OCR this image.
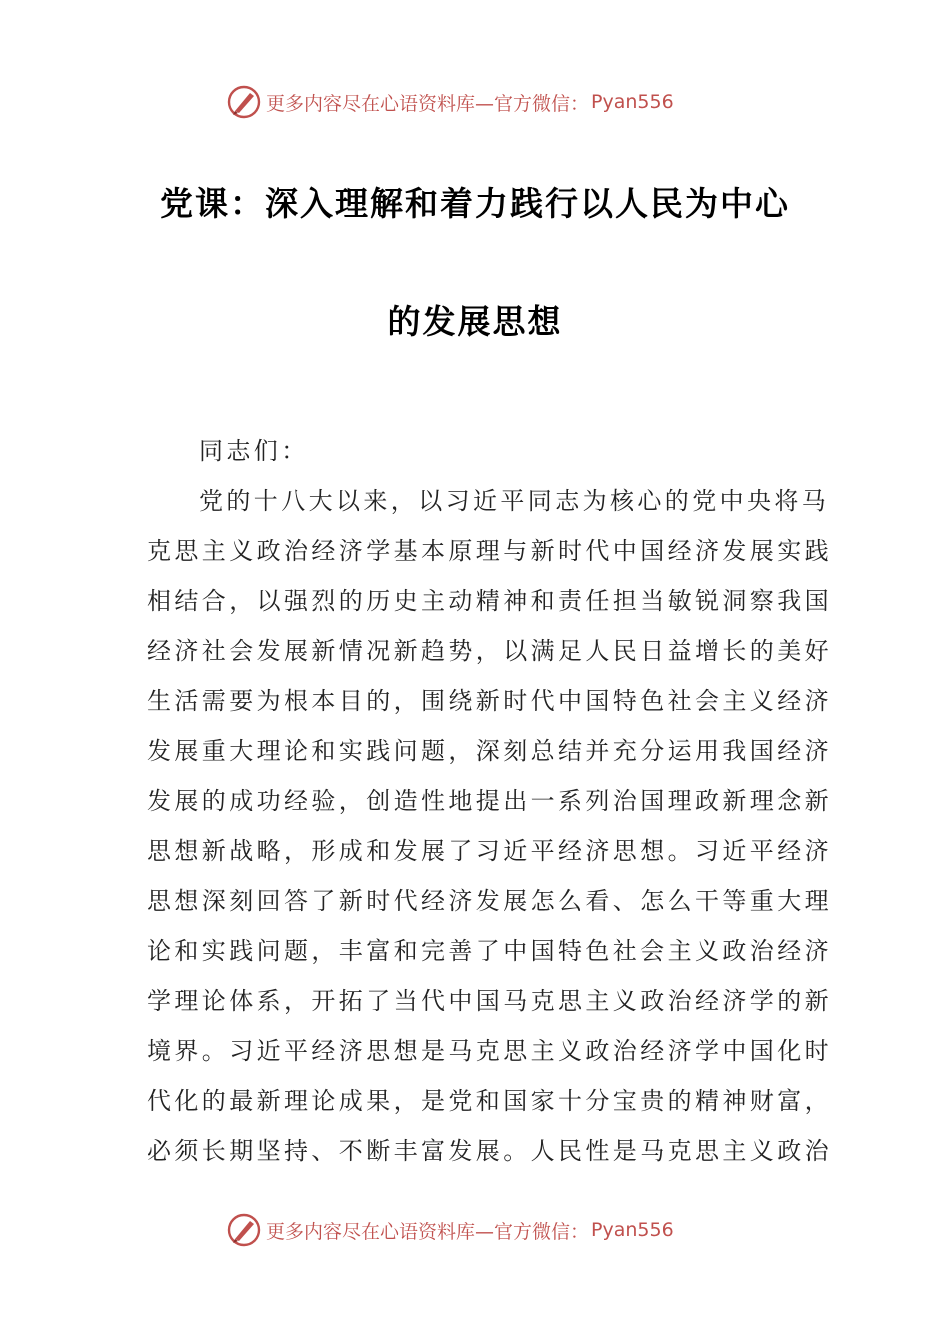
更多内容尽在心语资料库—官方微信： Pyan556
党课：深入理解和着力践行以人民为中心
的发展思想
同志们：
党的十八大以来，以习近平同志为核心的党中央将马
克思主义政治经济学基本原理与新时代中国经济发展实践
相结合，以强烈的历史主动精神和责任担当敏锐洞察我国
经济社会发展新情况新趋势，以满足人民日益增长的美好
生活需要为根本目的，围绕新时代中国特色社会主义经济
发展重大理论和实践问题，深刻总结并充分运用我国经济
发展的成功经验，创造性地提出一系列治国理政新理念新
思想新战略，形成和发展了习近平经济思想。习近平经济
思想深刻回答了新时代经济发展怎么看、怎么干等重大理
论和实践问题，丰富和完善了中国特色社会主义政治经济
学理论体系，开拓了当代中国马克思主义政治经济学的新
境界。习近平经济思想是马克思主义政治经济学中国化时
代化的最新理论成果，是党和国家十分宝贵的精神财富，
必须长期坚持、不断丰富发展。人民性是马克思主义政治
更多内容尽在心语资料库—官方微信： Pyan556
